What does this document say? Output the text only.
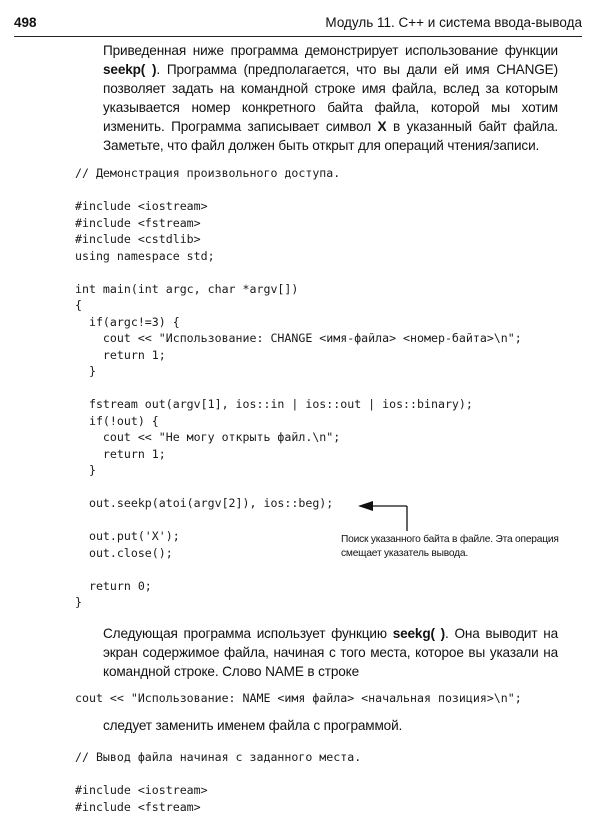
498	Модуль 11. С++ и система ввода-вывода
Приведенная ниже программа демонстрирует использование функции seekp( ). Программа (предполагается, что вы дали ей имя CHANGE) позволяет задать на командной строке имя файла, вслед за которым указывается номер конкретного байта файла, которой мы хотим изменить. Программа записывает символ X в указанный байт файла. Заметьте, что файл должен быть открыт для операций чтения/записи.
// Демонстрация произвольного доступа.
#include <iostream>
#include <fstream>
#include <cstdlib>
using namespace std;
int main(int argc, char *argv[])
{
if(argc!=3) {
cout << "Использование: CHANGE <имя-файла> <номер-байта>\n";
return 1;
}
fstream out(argv[1], ios::in | ios::out | ios::binary);
if(!out) {
cout << "Не могу открыть файл.\n";
return 1;
}
out.seekp(atoi(argv[2]), ios::beg);
out.put('X');
out.close();
return 0;
}
Поиск указанного байта в файле. Эта операция
смещает указатель вывода.
Следующая программа использует функцию seekg( ). Она выводит на экран содержимое файла, начиная с того места, которое вы указали на командной строке. Слово NAME в строке
cout << "Использование: NAME <имя файла> <начальная позиция>\n";
следует заменить именем файла с программой.
// Вывод файла начиная с заданного места.
#include <iostream>
#include <fstream>
